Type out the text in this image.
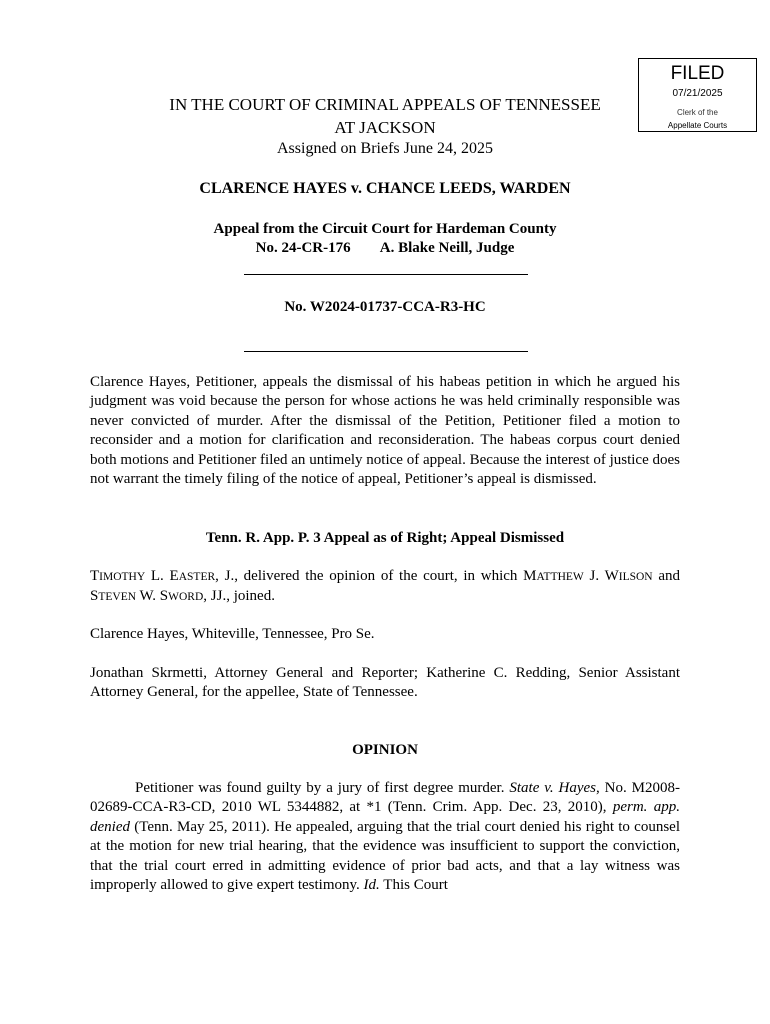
FILED
07/21/2025
Clerk of the
Appellate Courts
IN THE COURT OF CRIMINAL APPEALS OF TENNESSEE
AT JACKSON
Assigned on Briefs June 24, 2025
CLARENCE HAYES v. CHANCE LEEDS, WARDEN
Appeal from the Circuit Court for Hardeman County
No. 24-CR-176        A. Blake Neill, Judge
No. W2024-01737-CCA-R3-HC

Clarence Hayes, Petitioner, appeals the dismissal of his habeas petition in which he argued his judgment was void because the person for whose actions he was held criminally responsible was never convicted of murder. After the dismissal of the Petition, Petitioner filed a motion to reconsider and a motion for clarification and reconsideration. The habeas corpus court denied both motions and Petitioner filed an untimely notice of appeal. Because the interest of justice does not warrant the timely filing of the notice of appeal, Petitioner’s appeal is dismissed.

Tenn. R. App. P. 3 Appeal as of Right; Appeal Dismissed

TIMOTHY L. EASTER, J., delivered the opinion of the court, in which MATTHEW J. WILSON and STEVEN W. SWORD, JJ., joined.

Clarence Hayes, Whiteville, Tennessee, Pro Se.

Jonathan Skrmetti, Attorney General and Reporter; Katherine C. Redding, Senior Assistant Attorney General, for the appellee, State of Tennessee.

OPINION

Petitioner was found guilty by a jury of first degree murder. State v. Hayes, No. M2008-02689-CCA-R3-CD, 2010 WL 5344882, at *1 (Tenn. Crim. App. Dec. 23, 2010), perm. app. denied (Tenn. May 25, 2011). He appealed, arguing that the trial court denied his right to counsel at the motion for new trial hearing, that the evidence was insufficient to support the conviction, that the trial court erred in admitting evidence of prior bad acts, and that a lay witness was improperly allowed to give expert testimony. Id. This Court
